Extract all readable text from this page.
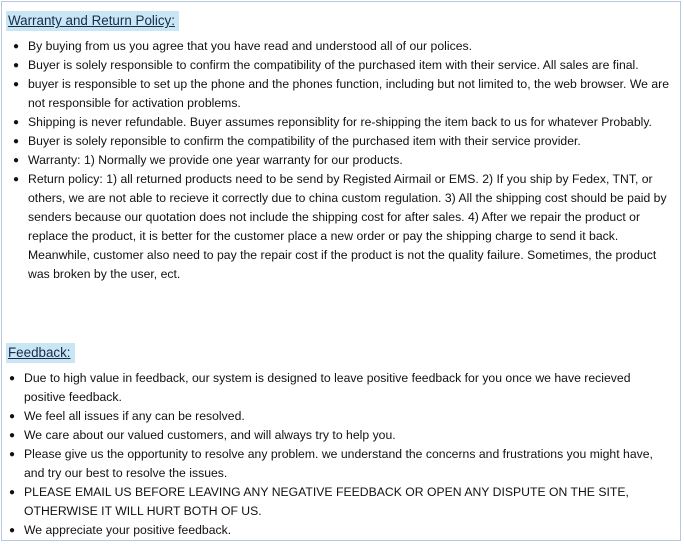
Warranty and Return Policy:
● By buying from us you agree that you have read and understood all of our polices.
● Buyer is solely responsible to confirm the compatibility of the purchased item with their service. All sales are final.
● buyer is responsible to set up the phone and the phones function, including but not limited to, the web browser. We are not responsible for activation problems.
● Shipping is never refundable. Buyer assumes reponsiblity for re-shipping the item back to us for whatever Probably.
● Buyer is solely reponsible to confirm the compatibility of the purchased item with their service provider.
● Warranty: 1) Normally we provide one year warranty for our products.
● Return policy: 1) all returned products need to be send by Registed Airmail or EMS. 2) If you ship by Fedex, TNT, or others, we are not able to recieve it correctly due to china custom regulation. 3) All the shipping cost should be paid by senders because our quotation does not include the shipping cost for after sales. 4) After we repair the product or replace the product, it is better for the customer place a new order or pay the shipping charge to send it back. Meanwhile, customer also need to pay the repair cost if the product is not the quality failure. Sometimes, the product was broken by the user, ect.
Feedback:
● Due to high value in feedback, our system is designed to leave positive feedback for you once we have recieved positive feedback.
● We feel all issues if any can be resolved.
● We care about our valued customers, and will always try to help you.
● Please give us the opportunity to resolve any problem. we understand the concerns and frustrations you might have, and try our best to resolve the issues.
● PLEASE EMAIL US BEFORE LEAVING ANY NEGATIVE FEEDBACK OR OPEN ANY DISPUTE ON THE SITE, OTHERWISE IT WILL HURT BOTH OF US.
● We appreciate your positive feedback.
